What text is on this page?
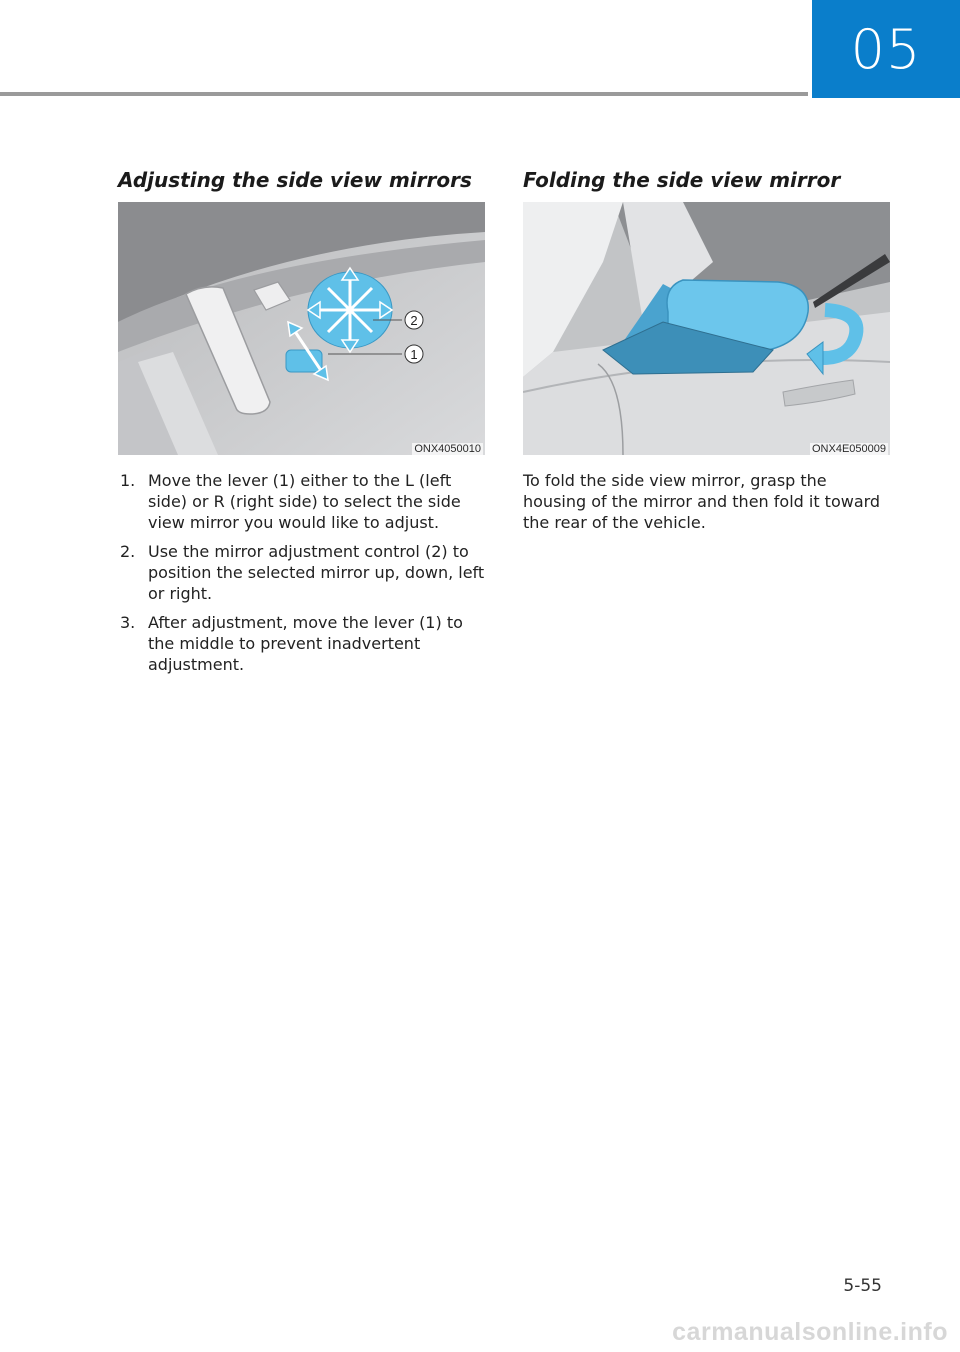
05
Adjusting the side view mirrors
2
1
ONX4050010
1. Move the lever (1) either to the L (left side) or R (right side) to select the side view mirror you would like to adjust.
2. Use the mirror adjustment control (2) to position the selected mirror up, down, left or right.
3. After adjustment, move the lever (1) to the middle to prevent inadvertent adjustment.
Folding the side view mirror
ONX4E050009

To fold the side view mirror, grasp the housing of the mirror and then fold it toward the rear of the vehicle.

5-55
carmanualsonline.info
